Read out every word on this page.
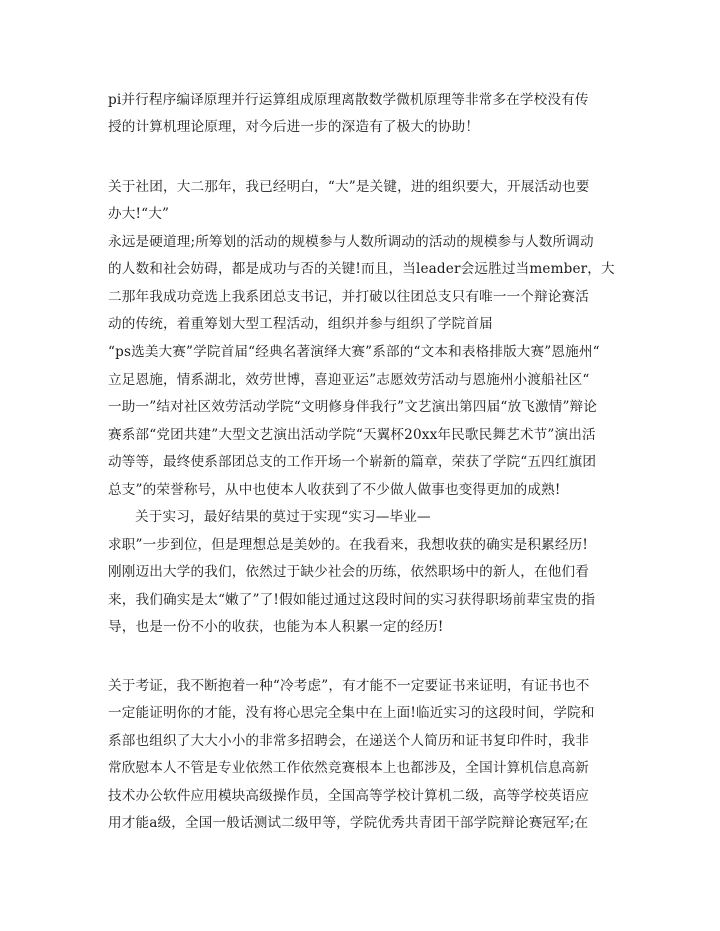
pi并行程序编译原理并行运算组成原理离散数学微机原理等非常多在学校没有传
授的计算机理论原理，对今后进一步的深造有了极大的协助！
关于社团，大二那年，我已经明白，“大”是关键，进的组织要大，开展活动也要
办大!“大”
永远是硬道理;所筹划的活动的规模参与人数所调动的活动的规模参与人数所调动
的人数和社会妨碍，都是成功与否的关键!而且，当leader会远胜过当member，大
二那年我成功竞选上我系团总支书记，并打破以往团总支只有唯一一个辩论赛活
动的传统，着重筹划大型工程活动，组织并参与组织了学院首届
“ps选美大赛”学院首届“经典名著演绎大赛”系部的“文本和表格排版大赛”恩施州“
立足恩施，情系湖北，效劳世博，喜迎亚运”志愿效劳活动与恩施州小渡船社区“
一助一”结对社区效劳活动学院“文明修身伴我行”文艺演出第四届“放飞激情”辩论
赛系部“党团共建”大型文艺演出活动学院“天翼杯20xx年民歌民舞艺术节”演出活
动等等，最终使系部团总支的工作开场一个崭新的篇章，荣获了学院“五四红旗团
总支”的荣誉称号，从中也使本人收获到了不少做人做事也变得更加的成熟!
关于实习，最好结果的莫过于实现“实习—毕业—
求职”一步到位，但是理想总是美妙的。在我看来，我想收获的确实是积累经历!
刚刚迈出大学的我们，依然过于缺少社会的历练，依然职场中的新人，在他们看
来，我们确实是太“嫩了”了!假如能过通过这段时间的实习获得职场前辈宝贵的指
导，也是一份不小的收获，也能为本人积累一定的经历!
关于考证，我不断抱着一种“冷考虑”，有才能不一定要证书来证明，有证书也不
一定能证明你的才能，没有将心思完全集中在上面!临近实习的这段时间，学院和
系部也组织了大大小小的非常多招聘会，在递送个人简历和证书复印件时，我非
常欣慰本人不管是专业依然工作依然竞赛根本上也都涉及，全国计算机信息高新
技术办公软件应用模块高级操作员，全国高等学校计算机二级，高等学校英语应
用才能a级，全国一般话测试二级甲等，学院优秀共青团干部学院辩论赛冠军;在
